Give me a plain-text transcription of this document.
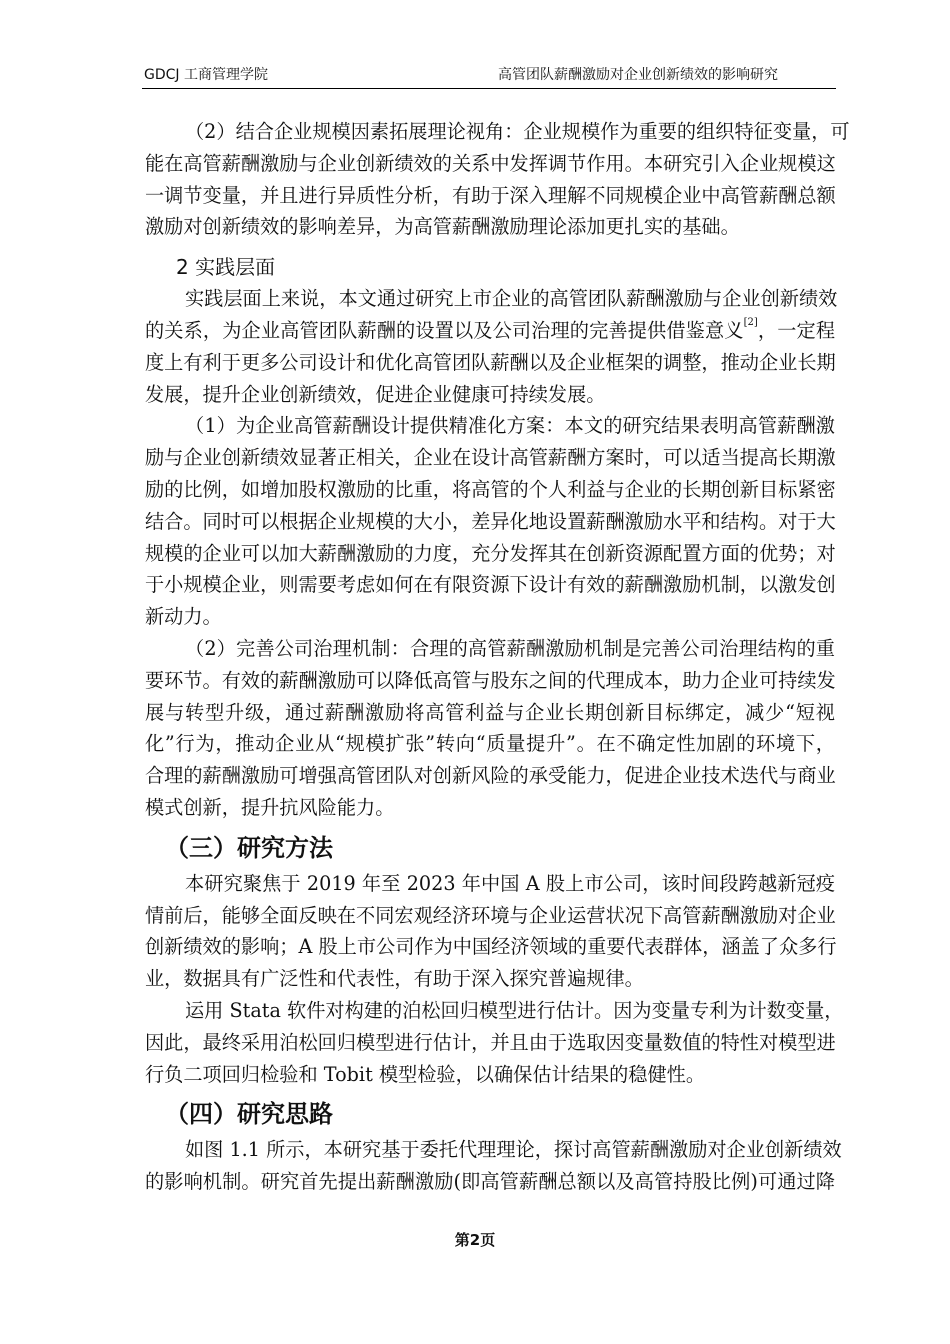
GDCJ 工商管理学院	高管团队薪酬激励对企业创新绩效的影响研究
（2）结合企业规模因素拓展理论视角：企业规模作为重要的组织特征变量，可
能在高管薪酬激励与企业创新绩效的关系中发挥调节作用。本研究引入企业规模这
一调节变量，并且进行异质性分析，有助于深入理解不同规模企业中高管薪酬总额
激励对创新绩效的影响差异，为高管薪酬激励理论添加更扎实的基础。
2 实践层面
实践层面上来说，本文通过研究上市企业的高管团队薪酬激励与企业创新绩效
的关系，为企业高管团队薪酬的设置以及公司治理的完善提供借鉴意义[2]，一定程
度上有利于更多公司设计和优化高管团队薪酬以及企业框架的调整，推动企业长期
发展，提升企业创新绩效，促进企业健康可持续发展。
（1）为企业高管薪酬设计提供精准化方案：本文的研究结果表明高管薪酬激
励与企业创新绩效显著正相关，企业在设计高管薪酬方案时，可以适当提高长期激
励的比例，如增加股权激励的比重，将高管的个人利益与企业的长期创新目标紧密
结合。同时可以根据企业规模的大小，差异化地设置薪酬激励水平和结构。对于大
规模的企业可以加大薪酬激励的力度，充分发挥其在创新资源配置方面的优势；对
于小规模企业，则需要考虑如何在有限资源下设计有效的薪酬激励机制，以激发创
新动力。
（2）完善公司治理机制：合理的高管薪酬激励机制是完善公司治理结构的重
要环节。有效的薪酬激励可以降低高管与股东之间的代理成本，助力企业可持续发
展与转型升级，通过薪酬激励将高管利益与企业长期创新目标绑定，减少“短视
化”行为，推动企业从“规模扩张”转向“质量提升”。在不确定性加剧的环境下，
合理的薪酬激励可增强高管团队对创新风险的承受能力，促进企业技术迭代与商业
模式创新，提升抗风险能力。
（三）研究方法
本研究聚焦于 2019 年至 2023 年中国 A 股上市公司，该时间段跨越新冠疫
情前后，能够全面反映在不同宏观经济环境与企业运营状况下高管薪酬激励对企业
创新绩效的影响；A 股上市公司作为中国经济领域的重要代表群体，涵盖了众多行
业，数据具有广泛性和代表性，有助于深入探究普遍规律。
运用 Stata 软件对构建的泊松回归模型进行估计。因为变量专利为计数变量，
因此，最终采用泊松回归模型进行估计，并且由于选取因变量数值的特性对模型进
行负二项回归检验和 Tobit 模型检验，以确保估计结果的稳健性。
（四）研究思路
如图 1.1 所示，本研究基于委托代理理论，探讨高管薪酬激励对企业创新绩效
的影响机制。研究首先提出薪酬激励(即高管薪酬总额以及高管持股比例)可通过降
第2页
